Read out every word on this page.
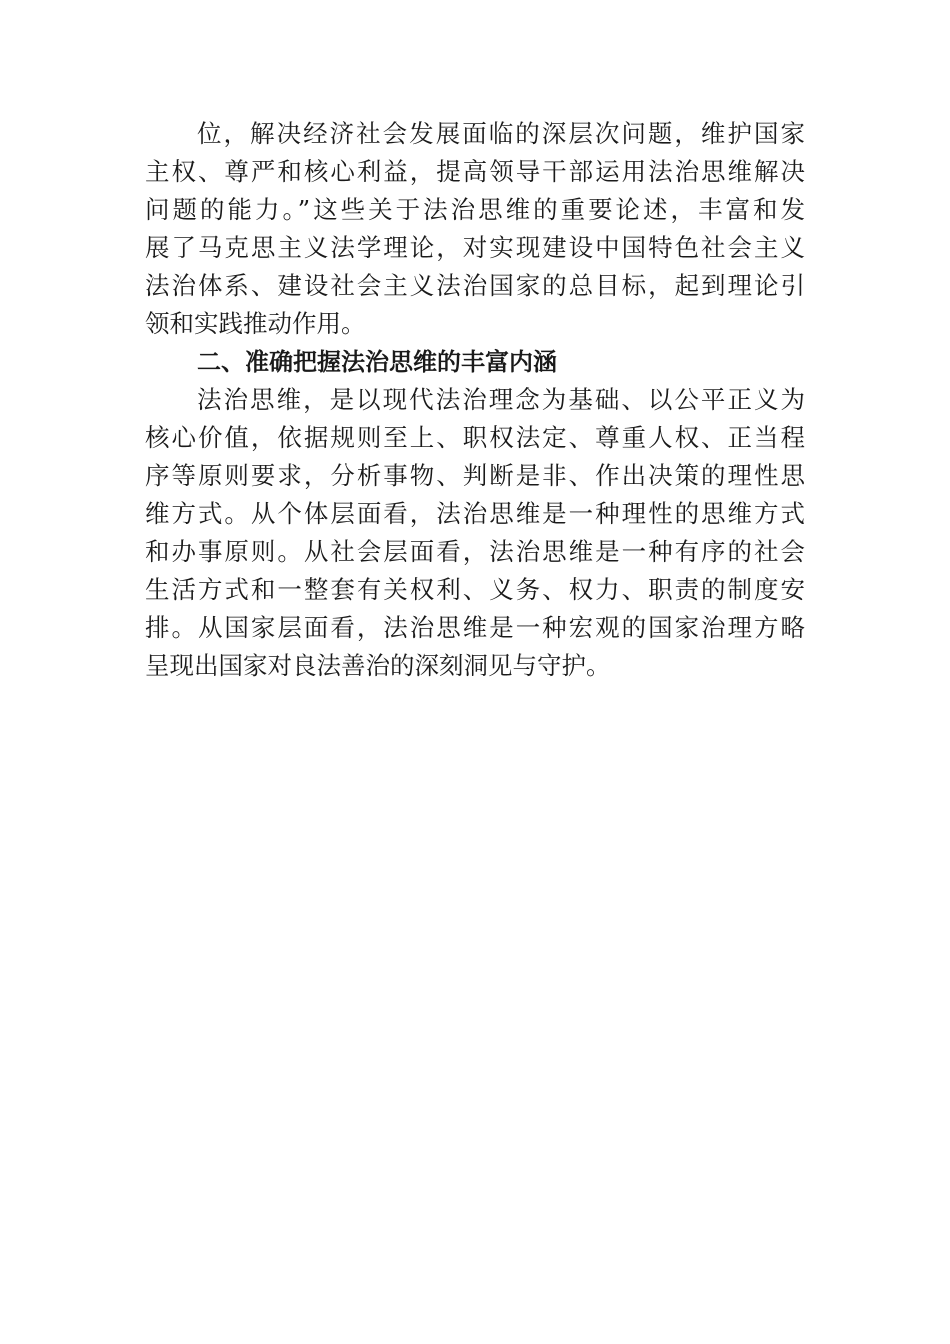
位，解决经济社会发展面临的深层次问题，维护国家
主权、尊严和核心利益，提高领导干部运用法治思维解决
问题的能力。”这些关于法治思维的重要论述，丰富和发
展了马克思主义法学理论，对实现建设中国特色社会主义
法治体系、建设社会主义法治国家的总目标，起到理论引
领和实践推动作用。
二、准确把握法治思维的丰富内涵
法治思维，是以现代法治理念为基础、以公平正义为
核心价值，依据规则至上、职权法定、尊重人权、正当程
序等原则要求，分析事物、判断是非、作出决策的理性思
维方式。从个体层面看，法治思维是一种理性的思维方式
和办事原则。从社会层面看，法治思维是一种有序的社会
生活方式和一整套有关权利、义务、权力、职责的制度安
排。从国家层面看，法治思维是一种宏观的国家治理方略
呈现出国家对良法善治的深刻洞见与守护。
